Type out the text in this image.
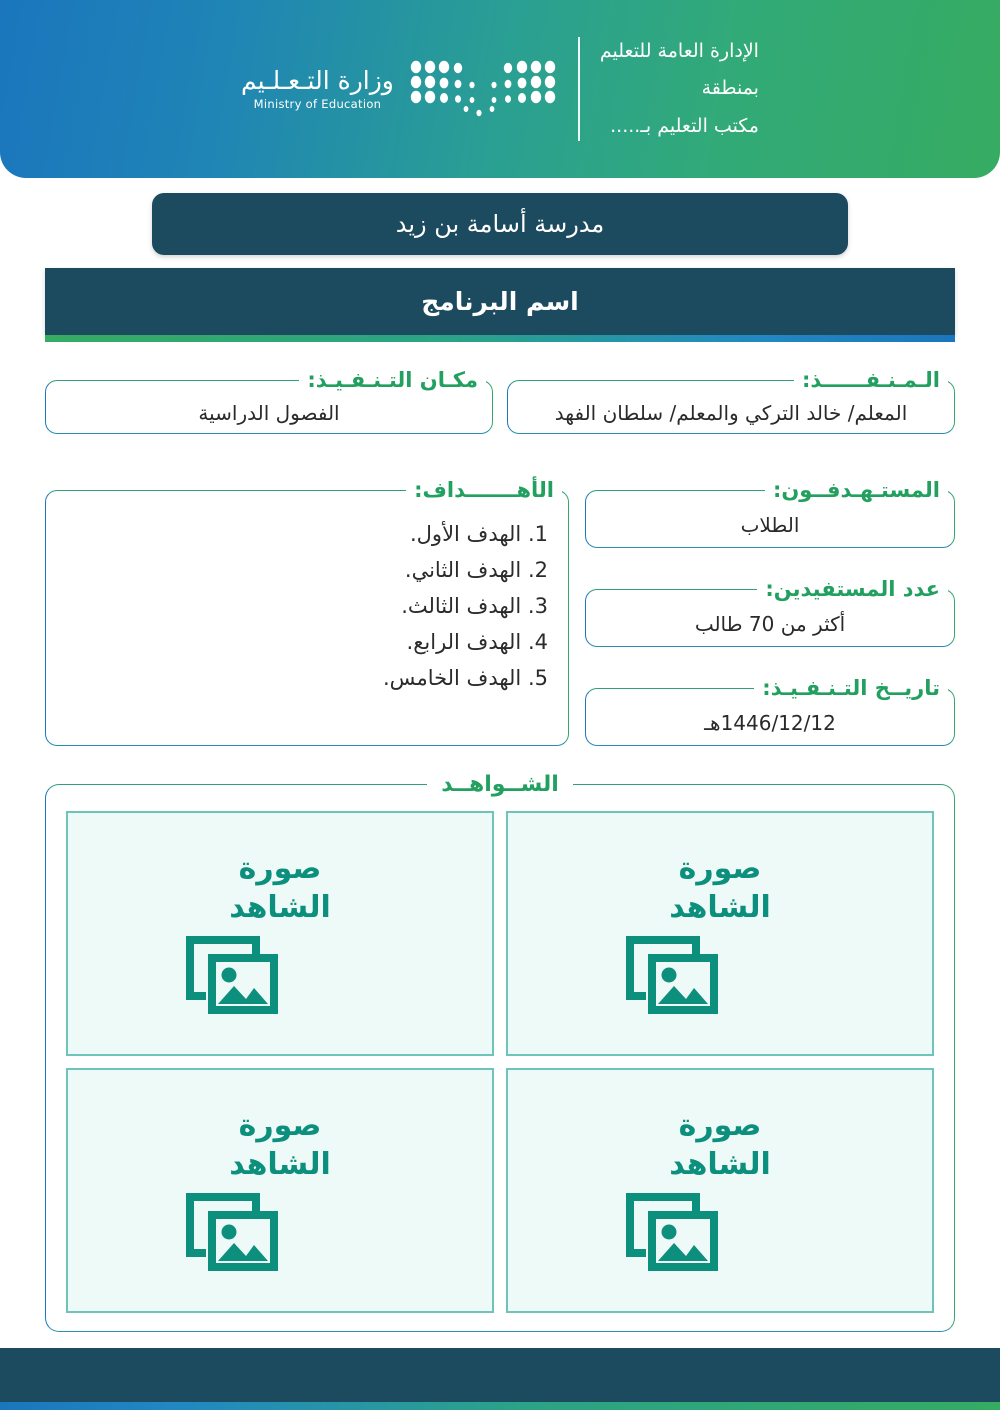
الإدارة العامة للتعليم
بمنطقة
مكتب التعليم بـ.....
وزارة التـعـلـيم
Ministry of Education
مدرسة أسامة بن زيد
اسم البرنامج
الـمـنـفــــــذ:
المعلم/ خالد التركي والمعلم/ سلطان الفهد
مكـان التـنـفـيـذ:
الفصول الدراسية
المستـهـدفــون:
الطلاب
عدد المستفيدين:
أكثر من 70 طالب
تاريــخ التـنـفـيـذ:
1446/12/12هـ
الأهـــــــداف:
1. الهدف الأول.
2. الهدف الثاني.
3. الهدف الثالث.
4. الهدف الرابع.
5. الهدف الخامس.
الشــواهــد
صورة
الشاهد
صورة
الشاهد
صورة
الشاهد
صورة
الشاهد
